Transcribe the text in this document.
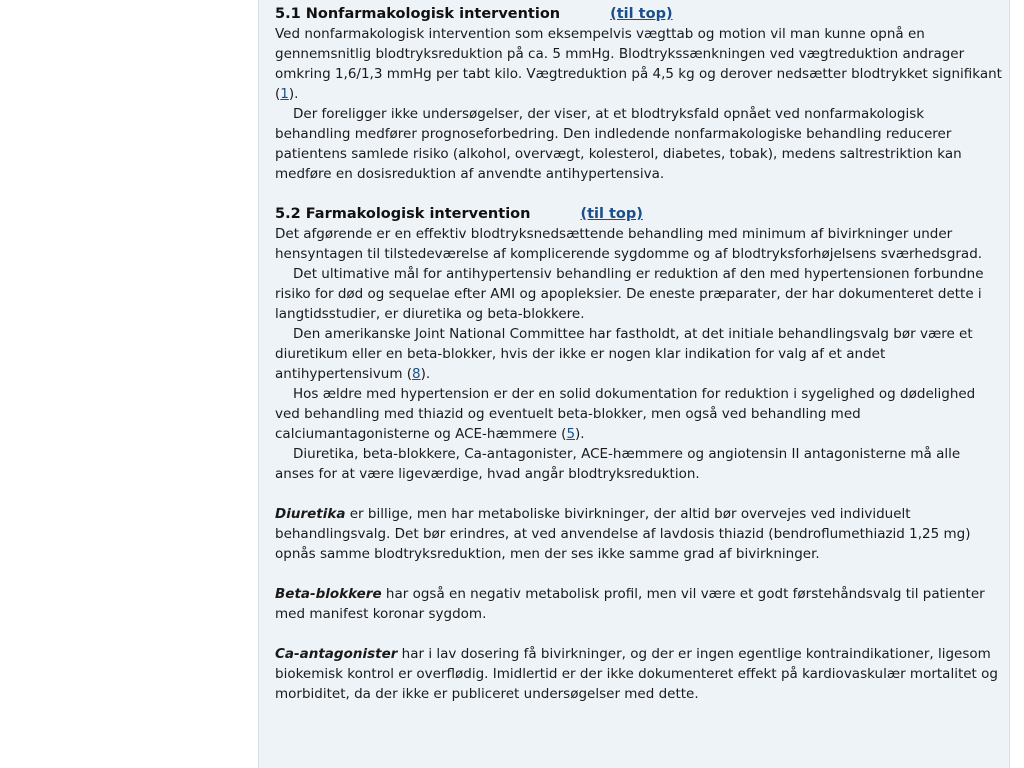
5.1 Nonfarmakologisk intervention	(til top)

Ved nonfarmakologisk intervention som eksempelvis vægttab og motion vil man kunne opnå en gennemsnitlig blodtryksreduktion på ca. 5 mmHg. Blodtrykssænkningen ved vægtreduktion andrager omkring 1,6/1,3 mmHg per tabt kilo. Vægtreduktion på 4,5 kg og derover nedsætter blodtrykket signifikant (1).

Der foreligger ikke undersøgelser, der viser, at et blodtryksfald opnået ved nonfarmakologisk behandling medfører prognoseforbedring. Den indledende nonfarmakologiske behandling reducerer patientens samlede risiko (alkohol, overvægt, kolesterol, diabetes, tobak), medens saltrestriktion kan medføre en dosisreduktion af anvendte antihypertensiva.

5.2 Farmakologisk intervention	(til top)

Det afgørende er en effektiv blodtryksnedsættende behandling med minimum af bivirkninger under hensyntagen til tilstedeværelse af komplicerende sygdomme og af blodtryksforhøjelsens sværhedsgrad.

Det ultimative mål for antihypertensiv behandling er reduktion af den med hypertensionen forbundne risiko for død og sequelae efter AMI og apopleksier. De eneste præparater, der har dokumenteret dette i langtidsstudier, er diuretika og beta-blokkere.

Den amerikanske Joint National Committee har fastholdt, at det initiale behandlingsvalg bør være et diuretikum eller en beta-blokker, hvis der ikke er nogen klar indikation for valg af et andet antihypertensivum (8).

Hos ældre med hypertension er der en solid dokumentation for reduktion i sygelighed og dødelighed ved behandling med thiazid og eventuelt beta-blokker, men også ved behandling med calciumantagonisterne og ACE-hæmmere (5).

Diuretika, beta-blokkere, Ca-antagonister, ACE-hæmmere og angiotensin II antagonisterne må alle anses for at være ligeværdige, hvad angår blodtryksreduktion.

Diuretika er billige, men har metaboliske bivirkninger, der altid bør overvejes ved individuelt behandlingsvalg. Det bør erindres, at ved anvendelse af lavdosis thiazid (bendroflumethiazid 1,25 mg) opnås samme blodtryksreduktion, men der ses ikke samme grad af bivirkninger.

Beta-blokkere har også en negativ metabolisk profil, men vil være et godt førstehåndsvalg til patienter med manifest koronar sygdom.

Ca-antagonister har i lav dosering få bivirkninger, og der er ingen egentlige kontraindikationer, ligesom biokemisk kontrol er overflødig. Imidlertid er der ikke dokumenteret effekt på kardiovaskulær mortalitet og morbiditet, da der ikke er publiceret undersøgelser med dette.
